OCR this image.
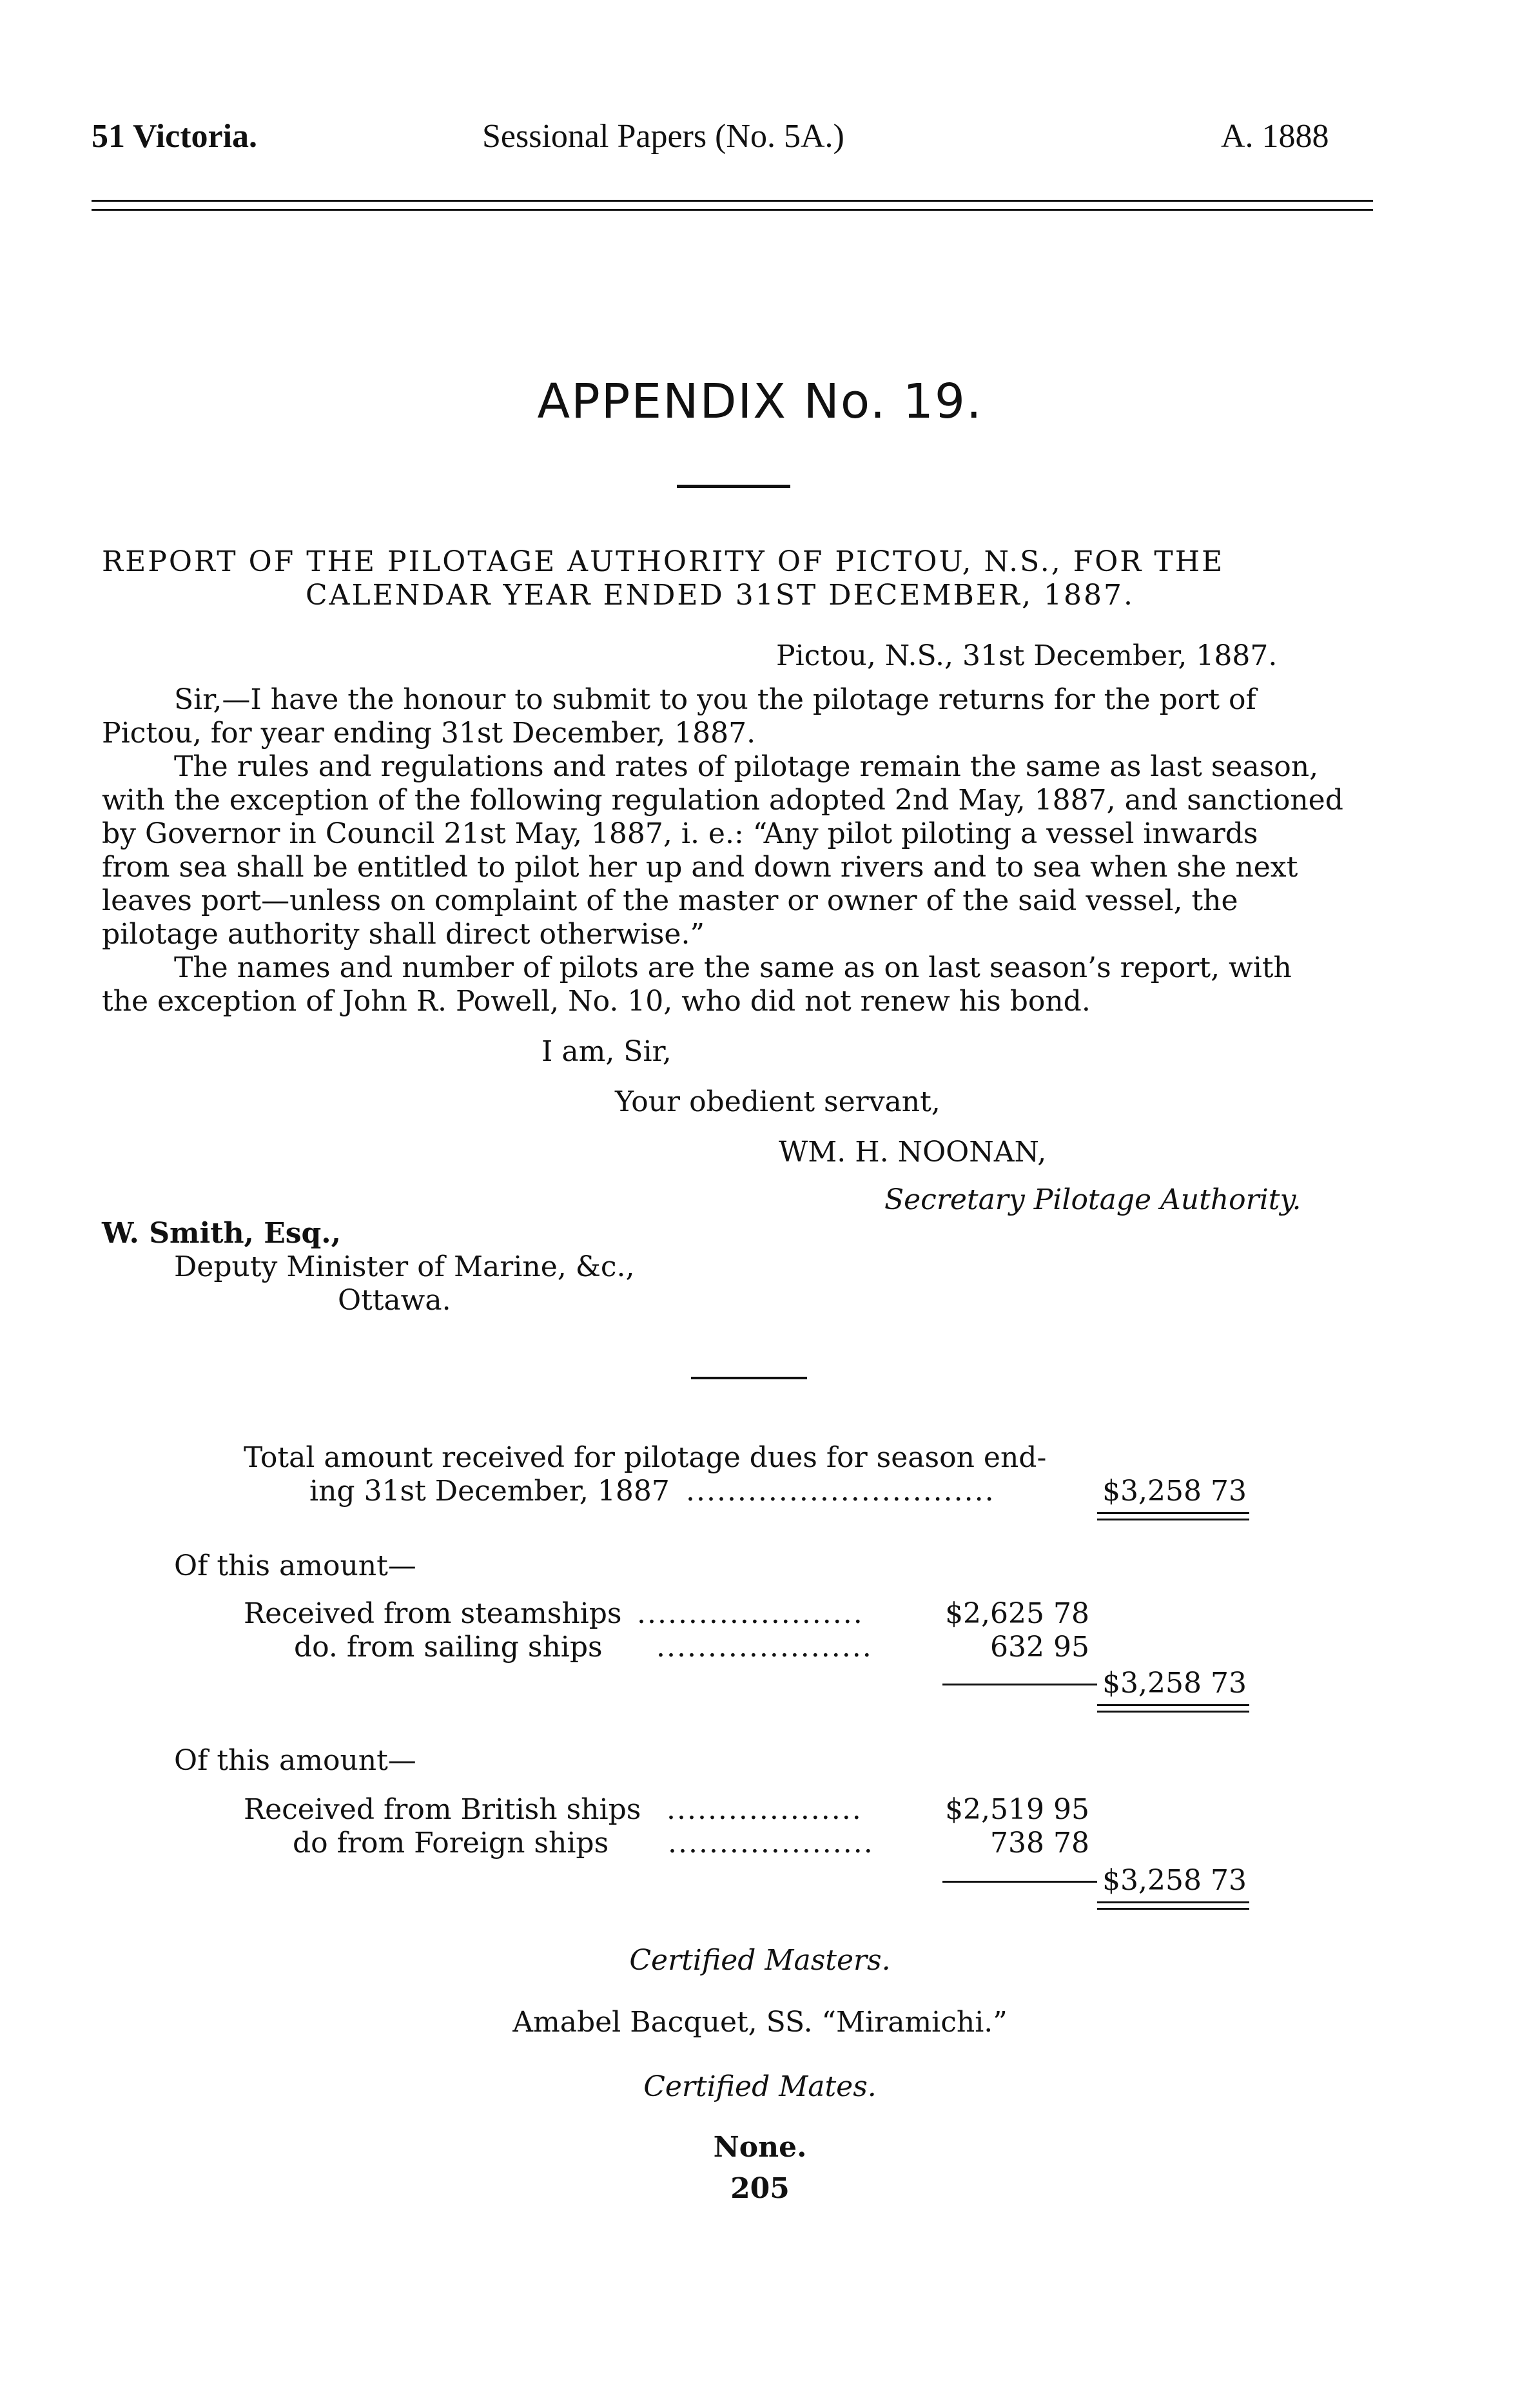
51 Victoria.	Sessional Papers (No. 5A.)	A. 1888
APPENDIX No. 19.
REPORT OF THE PILOTAGE AUTHORITY OF PICTOU, N.S., FOR THE
CALENDAR YEAR ENDED 31ST DECEMBER, 1887.
Pictou, N.S., 31st December, 1887.
Sir,—I have the honour to submit to you the pilotage returns for the port of
Pictou, for year ending 31st December, 1887.
The rules and regulations and rates of pilotage remain the same as last season,
with the exception of the following regulation adopted 2nd May, 1887, and sanctioned
by Governor in Council 21st May, 1887, i. e.: “Any pilot piloting a vessel inwards
from sea shall be entitled to pilot her up and down rivers and to sea when she next
leaves port—unless on complaint of the master or owner of the said vessel, the
pilotage authority shall direct otherwise.”
The names and number of pilots are the same as on last season’s report, with
the exception of John R. Powell, No. 10, who did not renew his bond.
I am, Sir,
Your obedient servant,
WM. H. NOONAN,
Secretary Pilotage Authority.
W. Smith, Esq.,
Deputy Minister of Marine, &c.,
Ottawa.
Total amount received for pilotage dues for season end-
ing 31st December, 1887 ..............................	$3,258 73
Of this amount—
Received from steamships ......................	$2,625 78
do. from sailing ships .....................	632 95
$3,258 73
Of this amount—
Received from British ships ...................	$2,519 95
do from Foreign ships ....................	738 78
$3,258 73
Certified Masters.
Amabel Bacquet, SS. “Miramichi.”
Certified Mates.
None.
205
